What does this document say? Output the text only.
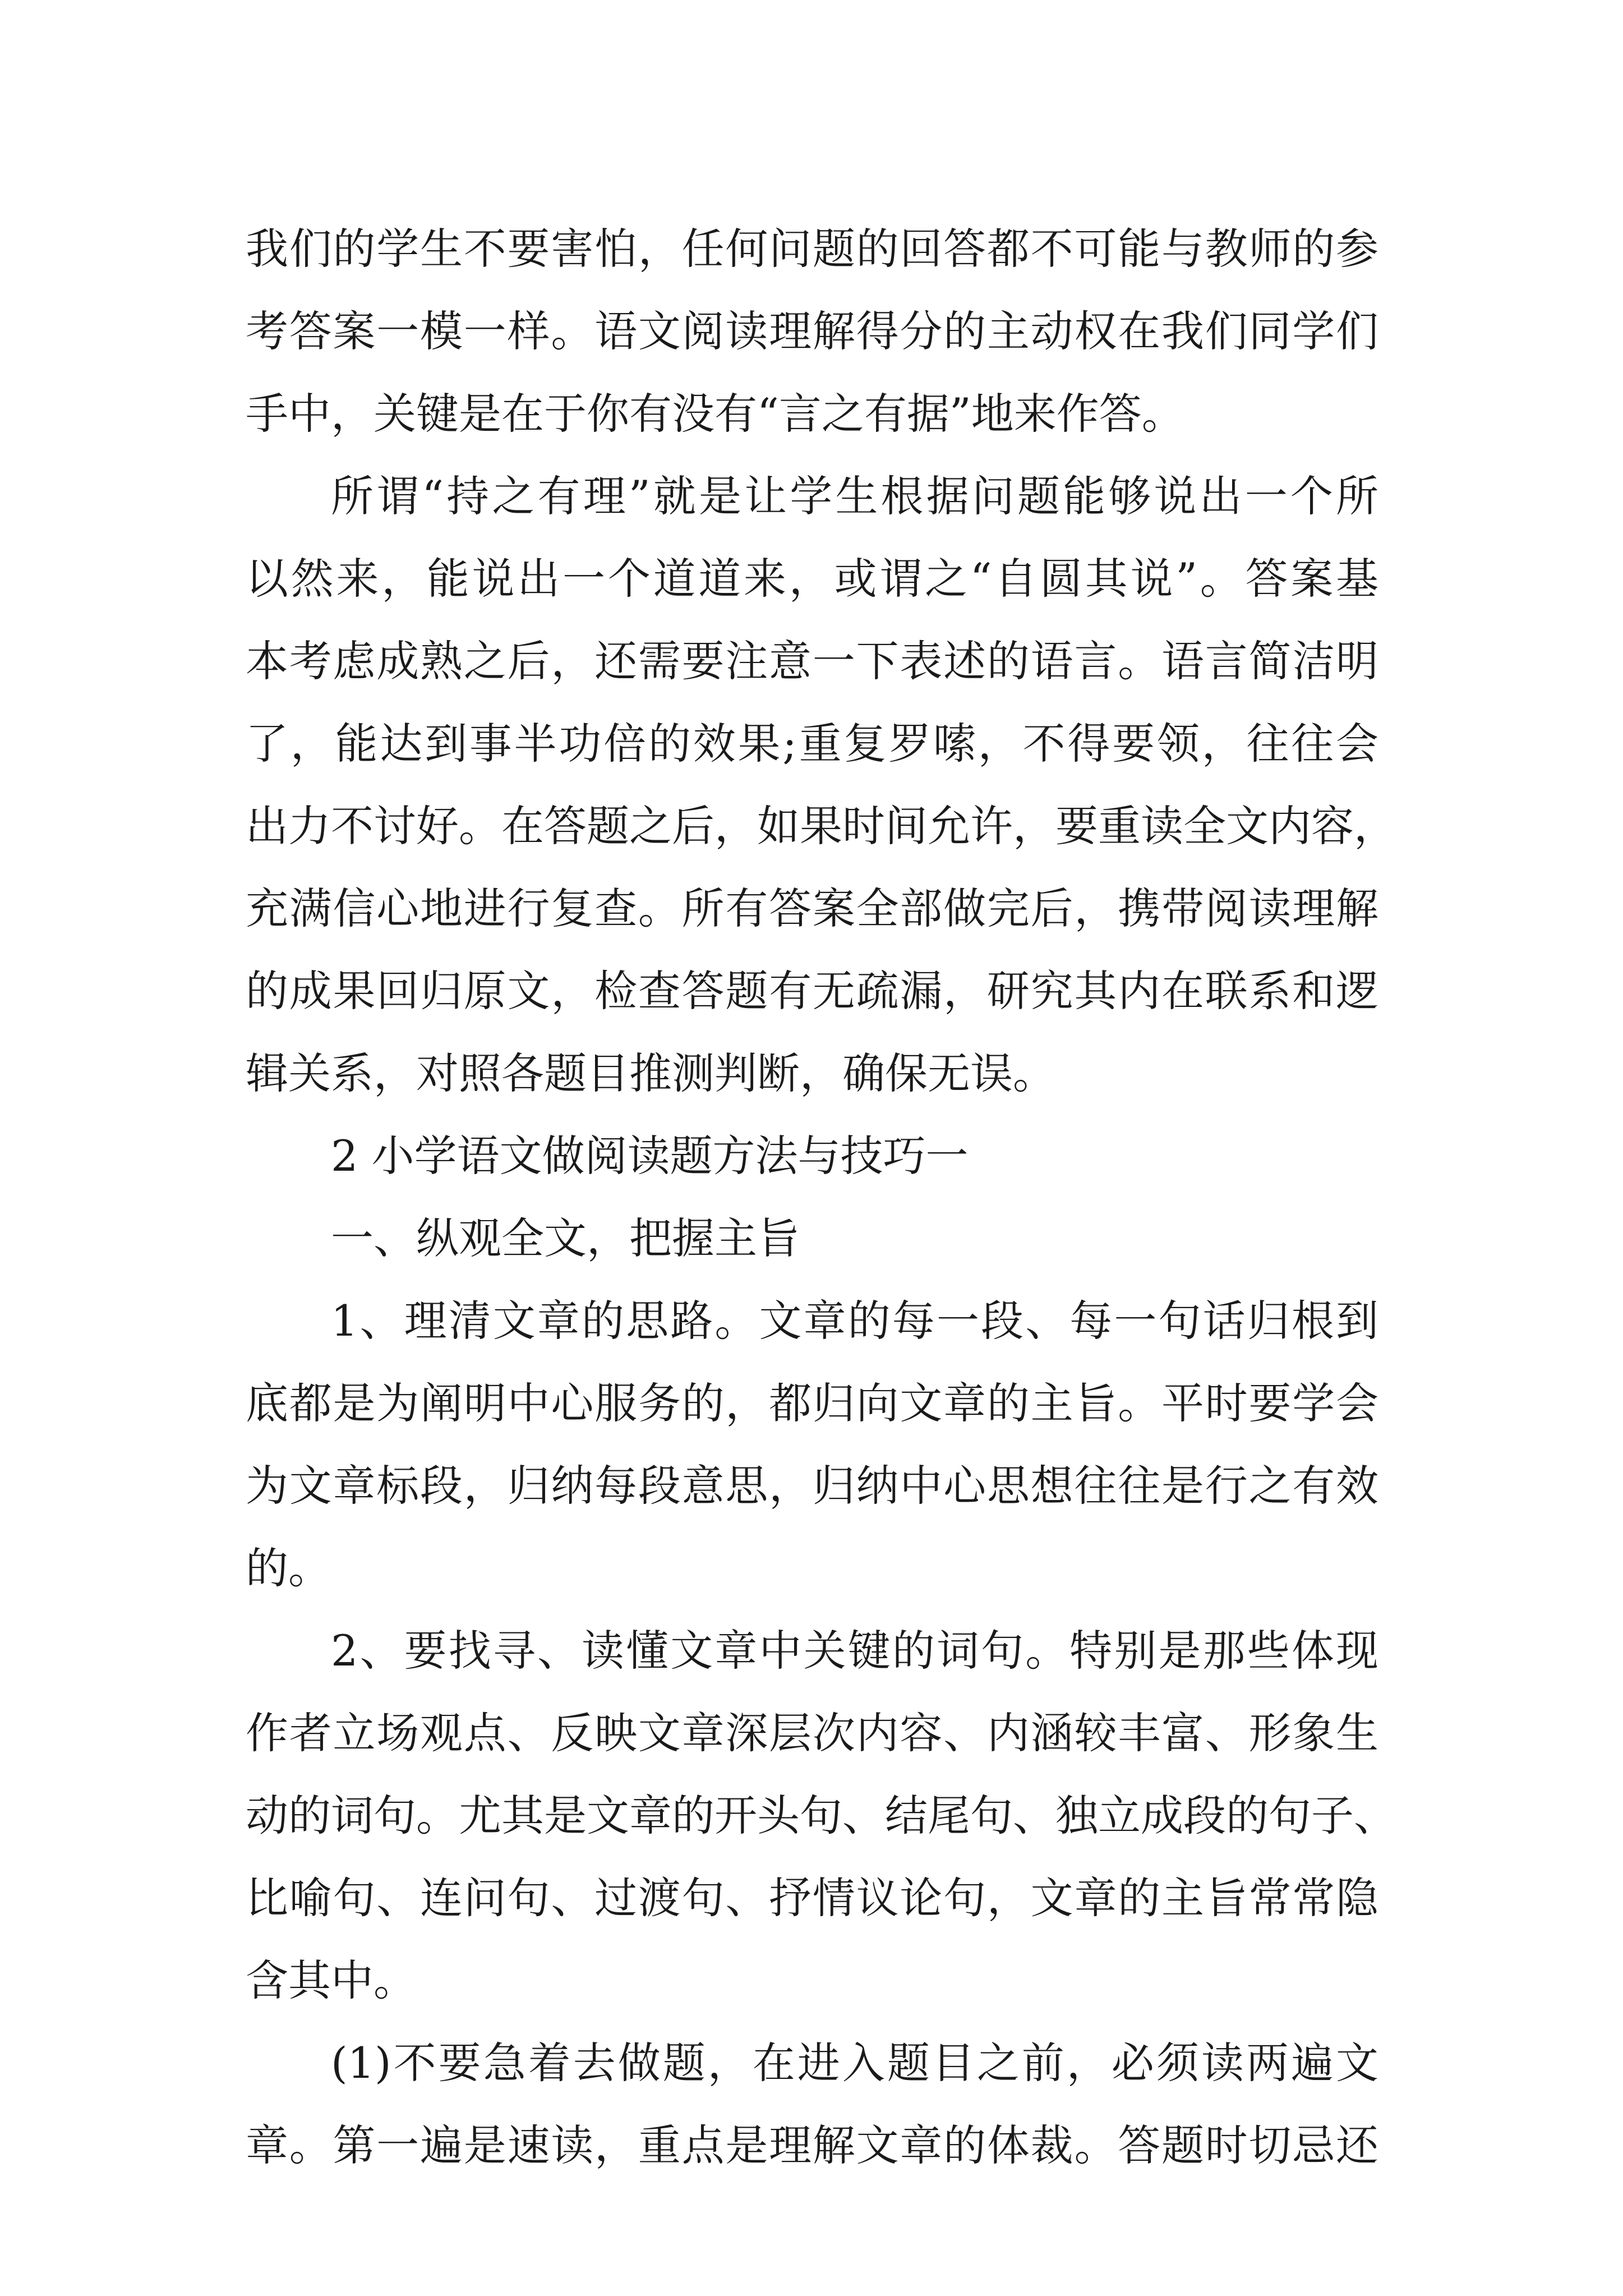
我们的学生不要害怕，任何问题的回答都不可能与教师的参
考答案一模一样。语文阅读理解得分的主动权在我们同学们
手中，关键是在于你有没有“言之有据”地来作答。
所谓“持之有理”就是让学生根据问题能够说出一个所
以然来，能说出一个道道来，或谓之“自圆其说”。答案基
本考虑成熟之后，还需要注意一下表述的语言。语言简洁明
了，能达到事半功倍的效果;重复罗嗦，不得要领，往往会
出力不讨好。在答题之后，如果时间允许，要重读全文内容，
充满信心地进行复查。所有答案全部做完后，携带阅读理解
的成果回归原文，检查答题有无疏漏，研究其内在联系和逻
辑关系，对照各题目推测判断，确保无误。
2 小学语文做阅读题方法与技巧一
一、纵观全文，把握主旨
1、理清文章的思路。文章的每一段、每一句话归根到
底都是为阐明中心服务的，都归向文章的主旨。平时要学会
为文章标段，归纳每段意思，归纳中心思想往往是行之有效
的。
2、要找寻、读懂文章中关键的词句。特别是那些体现
作者立场观点、反映文章深层次内容、内涵较丰富、形象生
动的词句。尤其是文章的开头句、结尾句、独立成段的句子、
比喻句、连问句、过渡句、抒情议论句，文章的主旨常常隐
含其中。
(1)不要急着去做题，在进入题目之前，必须读两遍文
章。第一遍是速读，重点是理解文章的体裁。答题时切忌还
